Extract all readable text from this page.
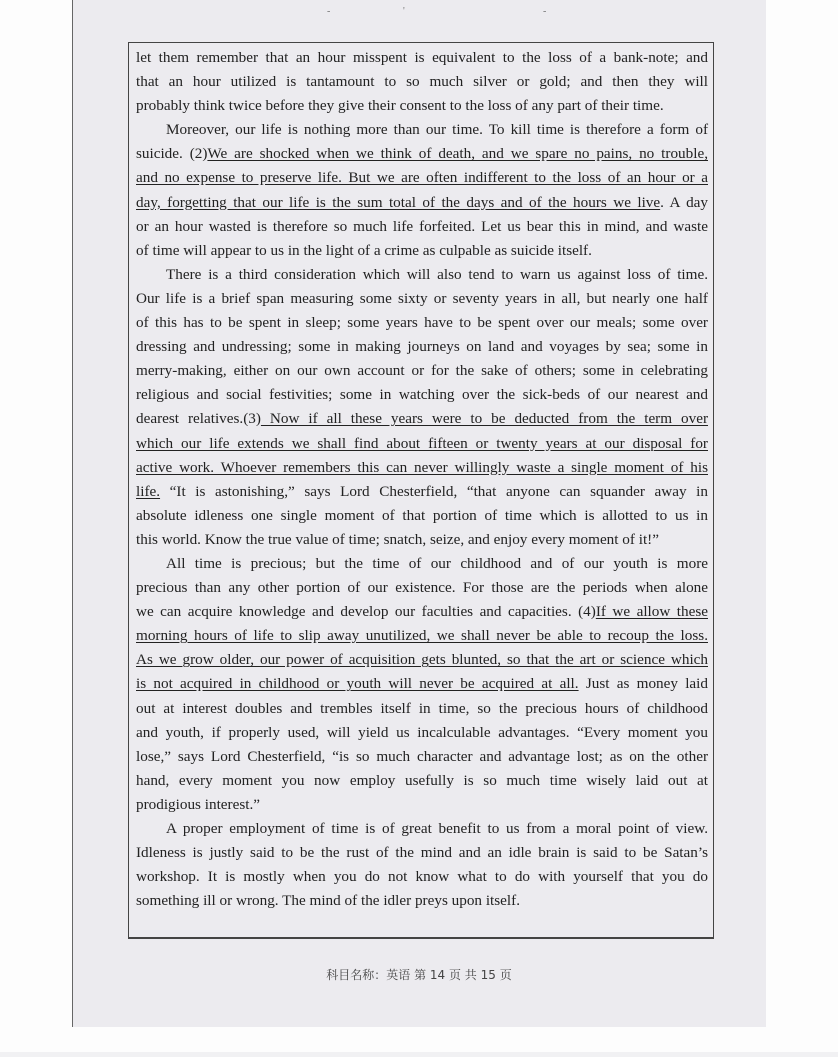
-	'	-
let them remember that an hour misspent is equivalent to the loss of a bank-note; and
that an hour utilized is tantamount to so much silver or gold; and then they will
probably think twice before they give their consent to the loss of any part of their time.
Moreover, our life is nothing more than our time. To kill time is therefore a form of
suicide. (2)We are shocked when we think of death, and we spare no pains, no trouble,
and no expense to preserve life. But we are often indifferent to the loss of an hour or a
day, forgetting that our life is the sum total of the days and of the hours we live. A day
or an hour wasted is therefore so much life forfeited. Let us bear this in mind, and waste
of time will appear to us in the light of a crime as culpable as suicide itself.
There is a third consideration which will also tend to warn us against loss of time.
Our life is a brief span measuring some sixty or seventy years in all, but nearly one half
of this has to be spent in sleep; some years have to be spent over our meals; some over
dressing and undressing; some in making journeys on land and voyages by sea; some in
merry-making, either on our own account or for the sake of others; some in celebrating
religious and social festivities; some in watching over the sick-beds of our nearest and
dearest relatives.(3) Now if all these years were to be deducted from the term over
which our life extends we shall find about fifteen or twenty years at our disposal for
active work. Whoever remembers this can never willingly waste a single moment of his
life. “It is astonishing,” says Lord Chesterfield, “that anyone can squander away in
absolute idleness one single moment of that portion of time which is allotted to us in
this world. Know the true value of time; snatch, seize, and enjoy every moment of it!”
All time is precious; but the time of our childhood and of our youth is more
precious than any other portion of our existence. For those are the periods when alone
we can acquire knowledge and develop our faculties and capacities. (4)If we allow these
morning hours of life to slip away unutilized, we shall never be able to recoup the loss.
As we grow older, our power of acquisition gets blunted, so that the art or science which
is not acquired in childhood or youth will never be acquired at all. Just as money laid
out at interest doubles and trembles itself in time, so the precious hours of childhood
and youth, if properly used, will yield us incalculable advantages. “Every moment you
lose,” says Lord Chesterfield, “is so much character and advantage lost; as on the other
hand, every moment you now employ usefully is so much time wisely laid out at
prodigious interest.”
A proper employment of time is of great benefit to us from a moral point of view.
Idleness is justly said to be the rust of the mind and an idle brain is said to be Satan’s
workshop. It is mostly when you do not know what to do with yourself that you do
something ill or wrong. The mind of the idler preys upon itself.
科目名称：英语 第 14 页 共 15 页
